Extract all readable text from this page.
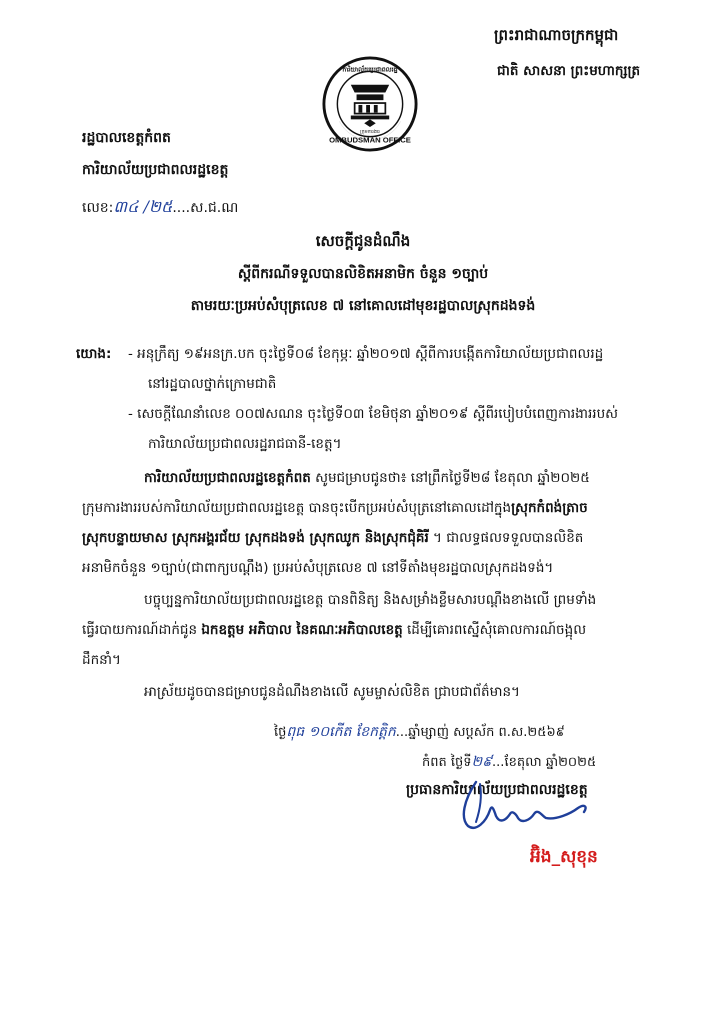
ព្រះរាជាណាចក្រកម្ពុជា
ជាតិ សាសនា ព្រះមហាក្សត្រ
OMBUDSMAN OFFICE
ការិយាល័យប្រជាពលរដ្ឋ
ក្រុមការងារ
រដ្ឋបាលខេត្តកំពត
ការិយាល័យប្រជាពលរដ្ឋខេត្ត
លេខ:៣៤ /២៥....ស.ជ.ណ
សេចក្ដីជូនដំណឹង
ស្ដីពីករណីទទួលបានលិខិតអនាមិក ចំនួន ១ច្បាប់
តាមរយៈប្រអប់សំបុត្រលេខ ៧ នៅគោលដៅមុខរដ្ឋបាលស្រុកដងទង់
យោង: - អនុក្រឹត្យ ១៩អនក្រ.បក ចុះថ្ងៃទី០៨ ខែកុម្ភៈ ឆ្នាំ២០១៧ ស្ដីពីការបង្កើតការិយាល័យប្រជាពលរដ្ឋ
នៅរដ្ឋបាលថ្នាក់ក្រោមជាតិ
- សេចក្ដីណែនាំលេខ ០០៧សណន ចុះថ្ងៃទី០៣ ខែមិថុនា ឆ្នាំ២០១៩ ស្ដីពីរបៀបបំពេញការងាររបស់
ការិយាល័យប្រជាពលរដ្ឋរាជធានី-ខេត្ត។
ការិយាល័យប្រជាពលរដ្ឋខេត្តកំពត សូមជម្រាបជូនថា៖ នៅព្រឹកថ្ងៃទី២៨ ខែតុលា ឆ្នាំ២០២៥
ក្រុមការងាររបស់ការិយាល័យប្រជាពលរដ្ឋខេត្ត បានចុះបើកប្រអប់សំបុត្រនៅគោលដៅក្នុងស្រុកកំពង់ត្រាច
ស្រុកបន្ទាយមាស ស្រុកអង្គរជ័យ ស្រុកដងទង់ ស្រុកឈូក និងស្រុកជុំគិរី ។ ជាលទ្ធផលទទួលបានលិខិត
អនាមិកចំនួន ១ច្បាប់(ជាពាក្យបណ្ដឹង) ប្រអប់សំបុត្រលេខ ៧ នៅទីតាំងមុខរដ្ឋបាលស្រុកដងទង់។
បច្ចុប្បន្នការិយាល័យប្រជាពលរដ្ឋខេត្ត បានពិនិត្យ និងសម្រាំងខ្លឹមសារបណ្ដឹងខាងលើ ព្រមទាំង
ធ្វើរបាយការណ៍ដាក់ជូន ឯកឧត្ដម អភិបាល នៃគណៈអភិបាលខេត្ត ដើម្បីគោរពស្នើសុំគោលការណ៍ចង្អុល
ដឹកនាំ។
អាស្រ័យដូចបានជម្រាបជូនដំណឹងខាងលើ សូមម្ចាស់លិខិត ជ្រាបជាព័ត៌មាន។
ថ្ងៃពុធ ១០កើត ខែកត្តិក...ឆ្នាំម្សាញ់ សប្តស័ក ព.ស.២៥៦៩
កំពត ថ្ងៃទី២៩...ខែតុលា ឆ្នាំ២០២៥
ប្រធានការិយាល័យប្រជាពលរដ្ឋខេត្ត
អ៊ិង_សុខុន
